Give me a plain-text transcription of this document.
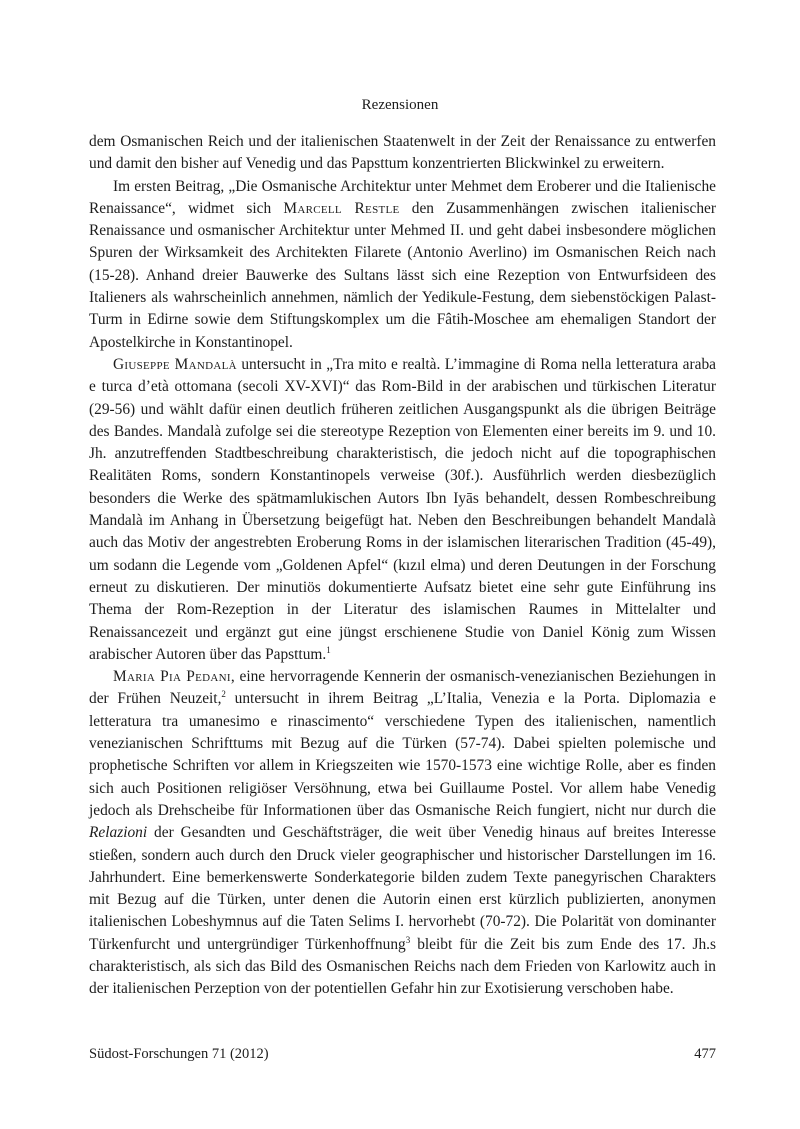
Rezensionen

dem Osmanischen Reich und der italienischen Staatenwelt in der Zeit der Renaissance zu entwerfen und damit den bisher auf Venedig und das Papsttum konzentrierten Blickwinkel zu erweitern.

Im ersten Beitrag, „Die Osmanische Architektur unter Mehmet dem Eroberer und die Italienische Renaissance“, widmet sich Marcell Restle den Zusammenhängen zwischen italienischer Renaissance und osmanischer Architektur unter Mehmed II. und geht dabei insbesondere möglichen Spuren der Wirksamkeit des Architekten Filarete (Antonio Averlino) im Osmanischen Reich nach (15-28). Anhand dreier Bauwerke des Sultans lässt sich eine Rezeption von Entwurfsideen des Italieners als wahrscheinlich annehmen, nämlich der Yedikule-Festung, dem siebenstöckigen Palast-Turm in Edirne sowie dem Stiftungskomplex um die Fâtih-Moschee am ehemaligen Standort der Apostelkirche in Konstantinopel.

Giuseppe Mandalà untersucht in „Tra mito e realtà. L’immagine di Roma nella letteratura araba e turca d’età ottomana (secoli XV-XVI)“ das Rom-Bild in der arabischen und türkischen Literatur (29-56) und wählt dafür einen deutlich früheren zeitlichen Ausgangspunkt als die übrigen Beiträge des Bandes. Mandalà zufolge sei die stereotype Rezeption von Elementen einer bereits im 9. und 10. Jh. anzutreffenden Stadtbeschreibung charakteristisch, die jedoch nicht auf die topographischen Realitäten Roms, sondern Konstantinopels verweise (30f.). Ausführlich werden diesbezüglich besonders die Werke des spätmamlukischen Autors Ibn Iyās behandelt, dessen Rombeschreibung Mandalà im Anhang in Übersetzung beigefügt hat. Neben den Beschreibungen behandelt Mandalà auch das Motiv der angestrebten Eroberung Roms in der islamischen literarischen Tradition (45-49), um sodann die Legende vom „Goldenen Apfel“ (kızıl elma) und deren Deutungen in der Forschung erneut zu diskutieren. Der minutiös dokumentierte Aufsatz bietet eine sehr gute Einführung ins Thema der Rom-Rezeption in der Literatur des islamischen Raumes in Mittelalter und Renaissancezeit und ergänzt gut eine jüngst erschienene Studie von Daniel König zum Wissen arabischer Autoren über das Papsttum.$^1$

Maria Pia Pedani, eine hervorragende Kennerin der osmanisch-venezianischen Beziehungen in der Frühen Neuzeit,$^2$ untersucht in ihrem Beitrag „L’Italia, Venezia e la Porta. Diplomazia e letteratura tra umanesimo e rinascimento“ verschiedene Typen des italienischen, namentlich venezianischen Schrifttums mit Bezug auf die Türken (57-74). Dabei spielten polemische und prophetische Schriften vor allem in Kriegszeiten wie 1570-1573 eine wichtige Rolle, aber es finden sich auch Positionen religiöser Versöhnung, etwa bei Guillaume Postel. Vor allem habe Venedig jedoch als Drehscheibe für Informationen über das Osmanische Reich fungiert, nicht nur durch die Relazioni der Gesandten und Geschäftsträger, die weit über Venedig hinaus auf breites Interesse stießen, sondern auch durch den Druck vieler geographischer und historischer Darstellungen im 16. Jahrhundert. Eine bemerkenswerte Sonderkategorie bilden zudem Texte panegyrischen Charakters mit Bezug auf die Türken, unter denen die Autorin einen erst kürzlich publizierten, anonymen italienischen Lobeshymnus auf die Taten Selims I. hervorhebt (70-72). Die Polarität von dominanter Türkenfurcht und untergründiger Türkenhoffnung$^3$ bleibt für die Zeit bis zum Ende des 17. Jh.s charakteristisch, als sich das Bild des Osmanischen Reichs nach dem Frieden von Karlowitz auch in der italienischen Perzeption von der potentiellen Gefahr hin zur Exotisierung verschoben habe.

Südost-Forschungen 71 (2012)	477
